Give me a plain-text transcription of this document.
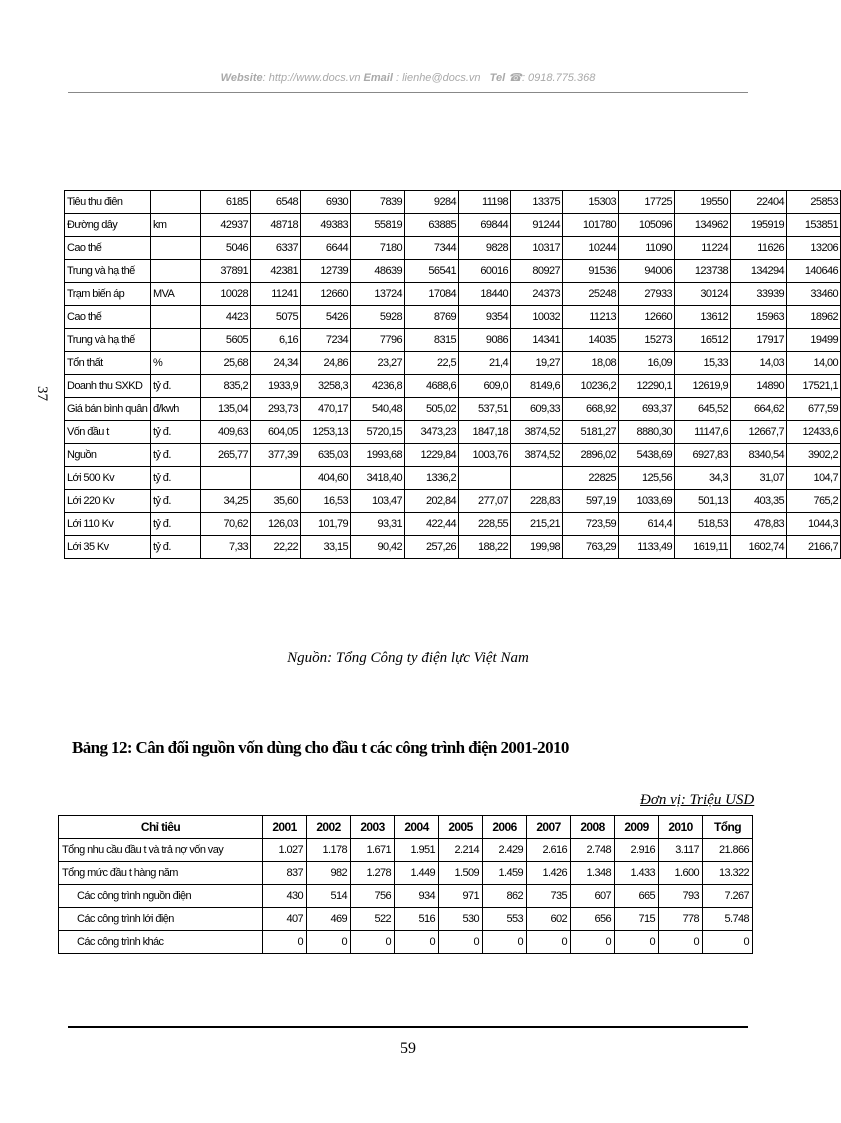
Website: http://www.docs.vn Email : lienhe@docs.vn Tel ☎: 0918.775.368
37
Tiêu thu điên		6185	6548	6930	7839	9284	11198	13375	15303	17725	19550	22404	25853
Đường dây	km	42937	48718	49383	55819	63885	69844	91244	101780	105096	134962	195919	153851
Cao thế		5046	6337	6644	7180	7344	9828	10317	10244	11090	11224	11626	13206
Trung và hạ thế		37891	42381	12739	48639	56541	60016	80927	91536	94006	123738	134294	140646
Trạm biến áp	MVA	10028	11241	12660	13724	17084	18440	24373	25248	27933	30124	33939	33460
Cao thế		4423	5075	5426	5928	8769	9354	10032	11213	12660	13612	15963	18962
Trung và hạ thế		5605	6,16	7234	7796	8315	9086	14341	14035	15273	16512	17917	19499
Tổn thất	%	25,68	24,34	24,86	23,27	22,5	21,4	19,27	18,08	16,09	15,33	14,03	14,00
Doanh thu SXKD	tỷ đ.	835,2	1933,9	3258,3	4236,8	4688,6	609,0	8149,6	10236,2	12290,1	12619,9	14890	17521,1
Giá bán bình quân	đ/kwh	135,04	293,73	470,17	540,48	505,02	537,51	609,33	668,92	693,37	645,52	664,62	677,59
Vốn đầu t	tỷ đ.	409,63	604,05	1253,13	5720,15	3473,23	1847,18	3874,52	5181,27	8880,30	11147,6	12667,7	12433,6
Nguồn	tỷ đ.	265,77	377,39	635,03	1993,68	1229,84	1003,76	3874,52	2896,02	5438,69	6927,83	8340,54	3902,2
Lới 500 Kv	tỷ đ.			404,60	3418,40	1336,2			22825	125,56	34,3	31,07	104,7
Lới 220 Kv	tỷ đ.	34,25	35,60	16,53	103,47	202,84	277,07	228,83	597,19	1033,69	501,13	403,35	765,2
Lới 110 Kv	tỷ đ.	70,62	126,03	101,79	93,31	422,44	228,55	215,21	723,59	614,4	518,53	478,83	1044,3
Lới 35 Kv	tỷ đ.	7,33	22,22	33,15	90,42	257,26	188,22	199,98	763,29	1133,49	1619,11	1602,74	2166,7
Nguồn: Tổng Công ty điện lực Việt Nam
Bảng 12: Cân đối nguồn vốn dùng cho đầu t các công trình điện 2001-2010
Đơn vị: Triệu USD
Chỉ tiêu	2001	2002	2003	2004	2005	2006	2007	2008	2009	2010	Tổng
Tổng nhu cầu đầu t và trả nợ vốn vay	1.027	1.178	1.671	1.951	2.214	2.429	2.616	2.748	2.916	3.117	21.866
Tổng mức đầu t hàng năm	837	982	1.278	1.449	1.509	1.459	1.426	1.348	1.433	1.600	13.322
Các công trình nguồn điện	430	514	756	934	971	862	735	607	665	793	7.267
Các công trình lới điện	407	469	522	516	530	553	602	656	715	778	5.748
Các công trình khác	0	0	0	0	0	0	0	0	0	0	0
59
